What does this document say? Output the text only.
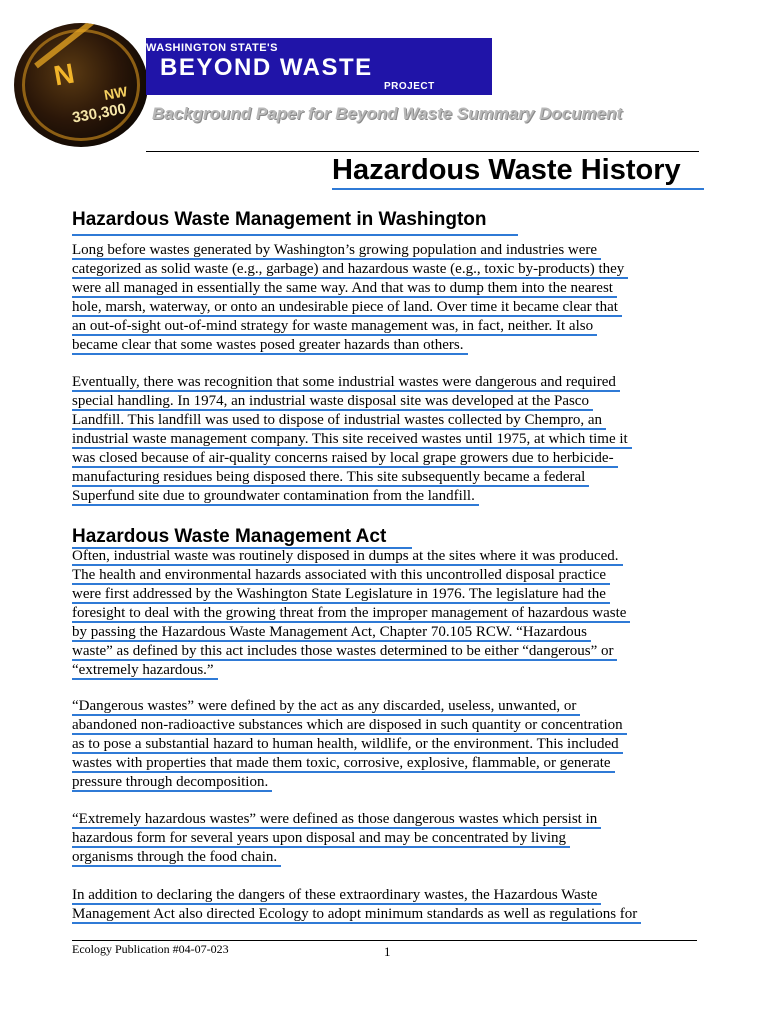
N
NW
330,300
WASHINGTON STATE'S
BEYOND WASTE
PROJECT
Background Paper for Beyond Waste Summary Document
Hazardous Waste History
Hazardous Waste Management in Washington
Long before wastes generated by Washington’s growing population and industries were
categorized as solid waste (e.g., garbage) and hazardous waste (e.g., toxic by-products) they
were all managed in essentially the same way. And that was to dump them into the nearest
hole, marsh, waterway, or onto an undesirable piece of land. Over time it became clear that
an out-of-sight out-of-mind strategy for waste management was, in fact, neither. It also
became clear that some wastes posed greater hazards than others.
Eventually, there was recognition that some industrial wastes were dangerous and required
special handling. In 1974, an industrial waste disposal site was developed at the Pasco
Landfill. This landfill was used to dispose of industrial wastes collected by Chempro, an
industrial waste management company. This site received wastes until 1975, at which time it
was closed because of air-quality concerns raised by local grape growers due to herbicide-
manufacturing residues being disposed there. This site subsequently became a federal
Superfund site due to groundwater contamination from the landfill.
Hazardous Waste Management Act
Often, industrial waste was routinely disposed in dumps at the sites where it was produced.
The health and environmental hazards associated with this uncontrolled disposal practice
were first addressed by the Washington State Legislature in 1976. The legislature had the
foresight to deal with the growing threat from the improper management of hazardous waste
by passing the Hazardous Waste Management Act, Chapter 70.105 RCW. “Hazardous
waste” as defined by this act includes those wastes determined to be either “dangerous” or
“extremely hazardous.”
“Dangerous wastes” were defined by the act as any discarded, useless, unwanted, or
abandoned non-radioactive substances which are disposed in such quantity or concentration
as to pose a substantial hazard to human health, wildlife, or the environment. This included
wastes with properties that made them toxic, corrosive, explosive, flammable, or generate
pressure through decomposition.
“Extremely hazardous wastes” were defined as those dangerous wastes which persist in
hazardous form for several years upon disposal and may be concentrated by living
organisms through the food chain.
In addition to declaring the dangers of these extraordinary wastes, the Hazardous Waste
Management Act also directed Ecology to adopt minimum standards as well as regulations for
Ecology Publication #04-07-023	1
